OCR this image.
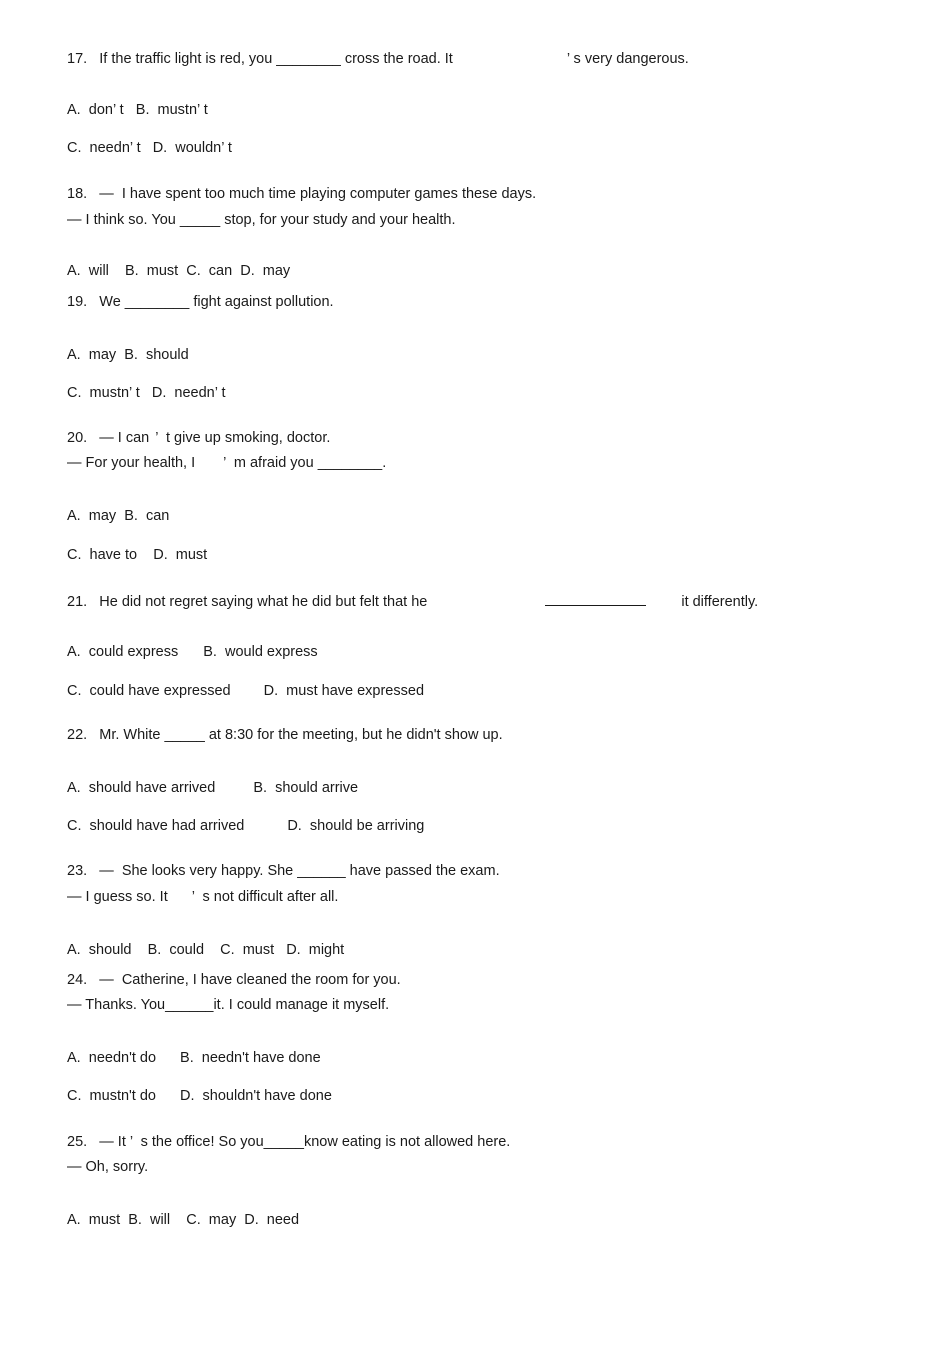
17. If the traffic light is red, you ________ cross the road. It	’ s very dangerous.
A.  don’ t   B.  mustn’ t
C.  needn’ t   D.  wouldn’ t
18. —  I have spent too much time playing computer games these days.
— I think so. You _____ stop, for your study and your health.
A.  will    B.  must  C.  can  D.  may
19. We ________ fight against pollution.
A.  may  B.  should
C.  mustn’ t   D.  needn’ t
20. — I can ’  t give up smoking, doctor.
— For your health, I ’  m afraid you ________.
A.  may  B.  can
C.  have to    D.  must
21. He did not regret saying what he did but felt that he	it differently.
A.  could express B.  would express
C.  could have expressed D.  must have expressed
22. Mr. White _____ at 8:30 for the meeting, but he didn't show up.
A.  should have arrived	B.  should arrive
C.  should have had arrived	D.  should be arriving
23. —  She looks very happy. She ______ have passed the exam.
— I guess so. It ’  s not difficult after all.
A.  should    B.  could    C.  must   D.  might
24. —  Catherine, I have cleaned the room for you.
— Thanks. You______it. I could manage it myself.
A.  needn't do B.  needn't have done
C.  mustn't do D.  shouldn't have done
25. — It ’  s the office! So you_____know eating is not allowed here.
— Oh, sorry.
A.  must  B.  will    C.  may  D.  need
